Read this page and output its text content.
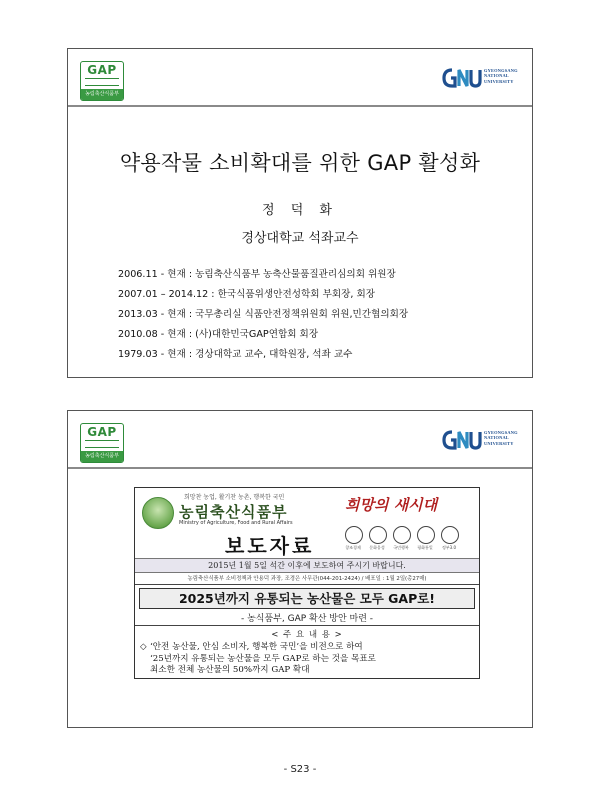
GAP
농림축산식품부
GYEONGSANG
NATIONAL
UNIVERSITY
약용작물 소비확대를 위한 GAP 활성화
정 덕 화
경상대학교 석좌교수
2006.11 - 현재 : 농림축산식품부 농축산물품질관리심의회 위원장
2007.01 – 2014.12 : 한국식품위생안전성학회 부회장, 회장
2013.03 - 현재 : 국무총리실 식품안전정책위원회 위원,민간협의회장
2010.08 - 현재 : (사)대한민국GAP연합회 회장
1979.03 - 현재 : 경상대학교 교수, 대학원장, 석좌 교수
GAP
농림축산식품부
GYEONGSANG
NATIONAL
UNIVERSITY
희망찬 농업, 활기찬 농촌, 행복한 국민
농림축산식품부
Ministry of Agriculture, Food and Rural Affairs
희망의 새시대
보도자료	창조경제	문화융성	국민행복	평화통일	정부3.0
2015년 1월 5일 석간 이후에 보도하여 주시기 바랍니다.
농림축산식품부 소비정책과 안용덕 과장, 조경은 사무관(044-201-2424) / 배포일 : 1월 2일(총27매)
2025년까지 유통되는 농산물은 모두 GAP로!
- 농식품부, GAP 확산 방안 마련 -
< 주 요 내 용 >
◇ ‘안전 농산물, 안심 소비자, 행복한 국민’을 비전으로 하여
‘25년까지 유통되는 농산물을 모두 GAP로 하는 것을 목표로
최소한 전체 농산물의 50%까지 GAP 확대
- S23 -
